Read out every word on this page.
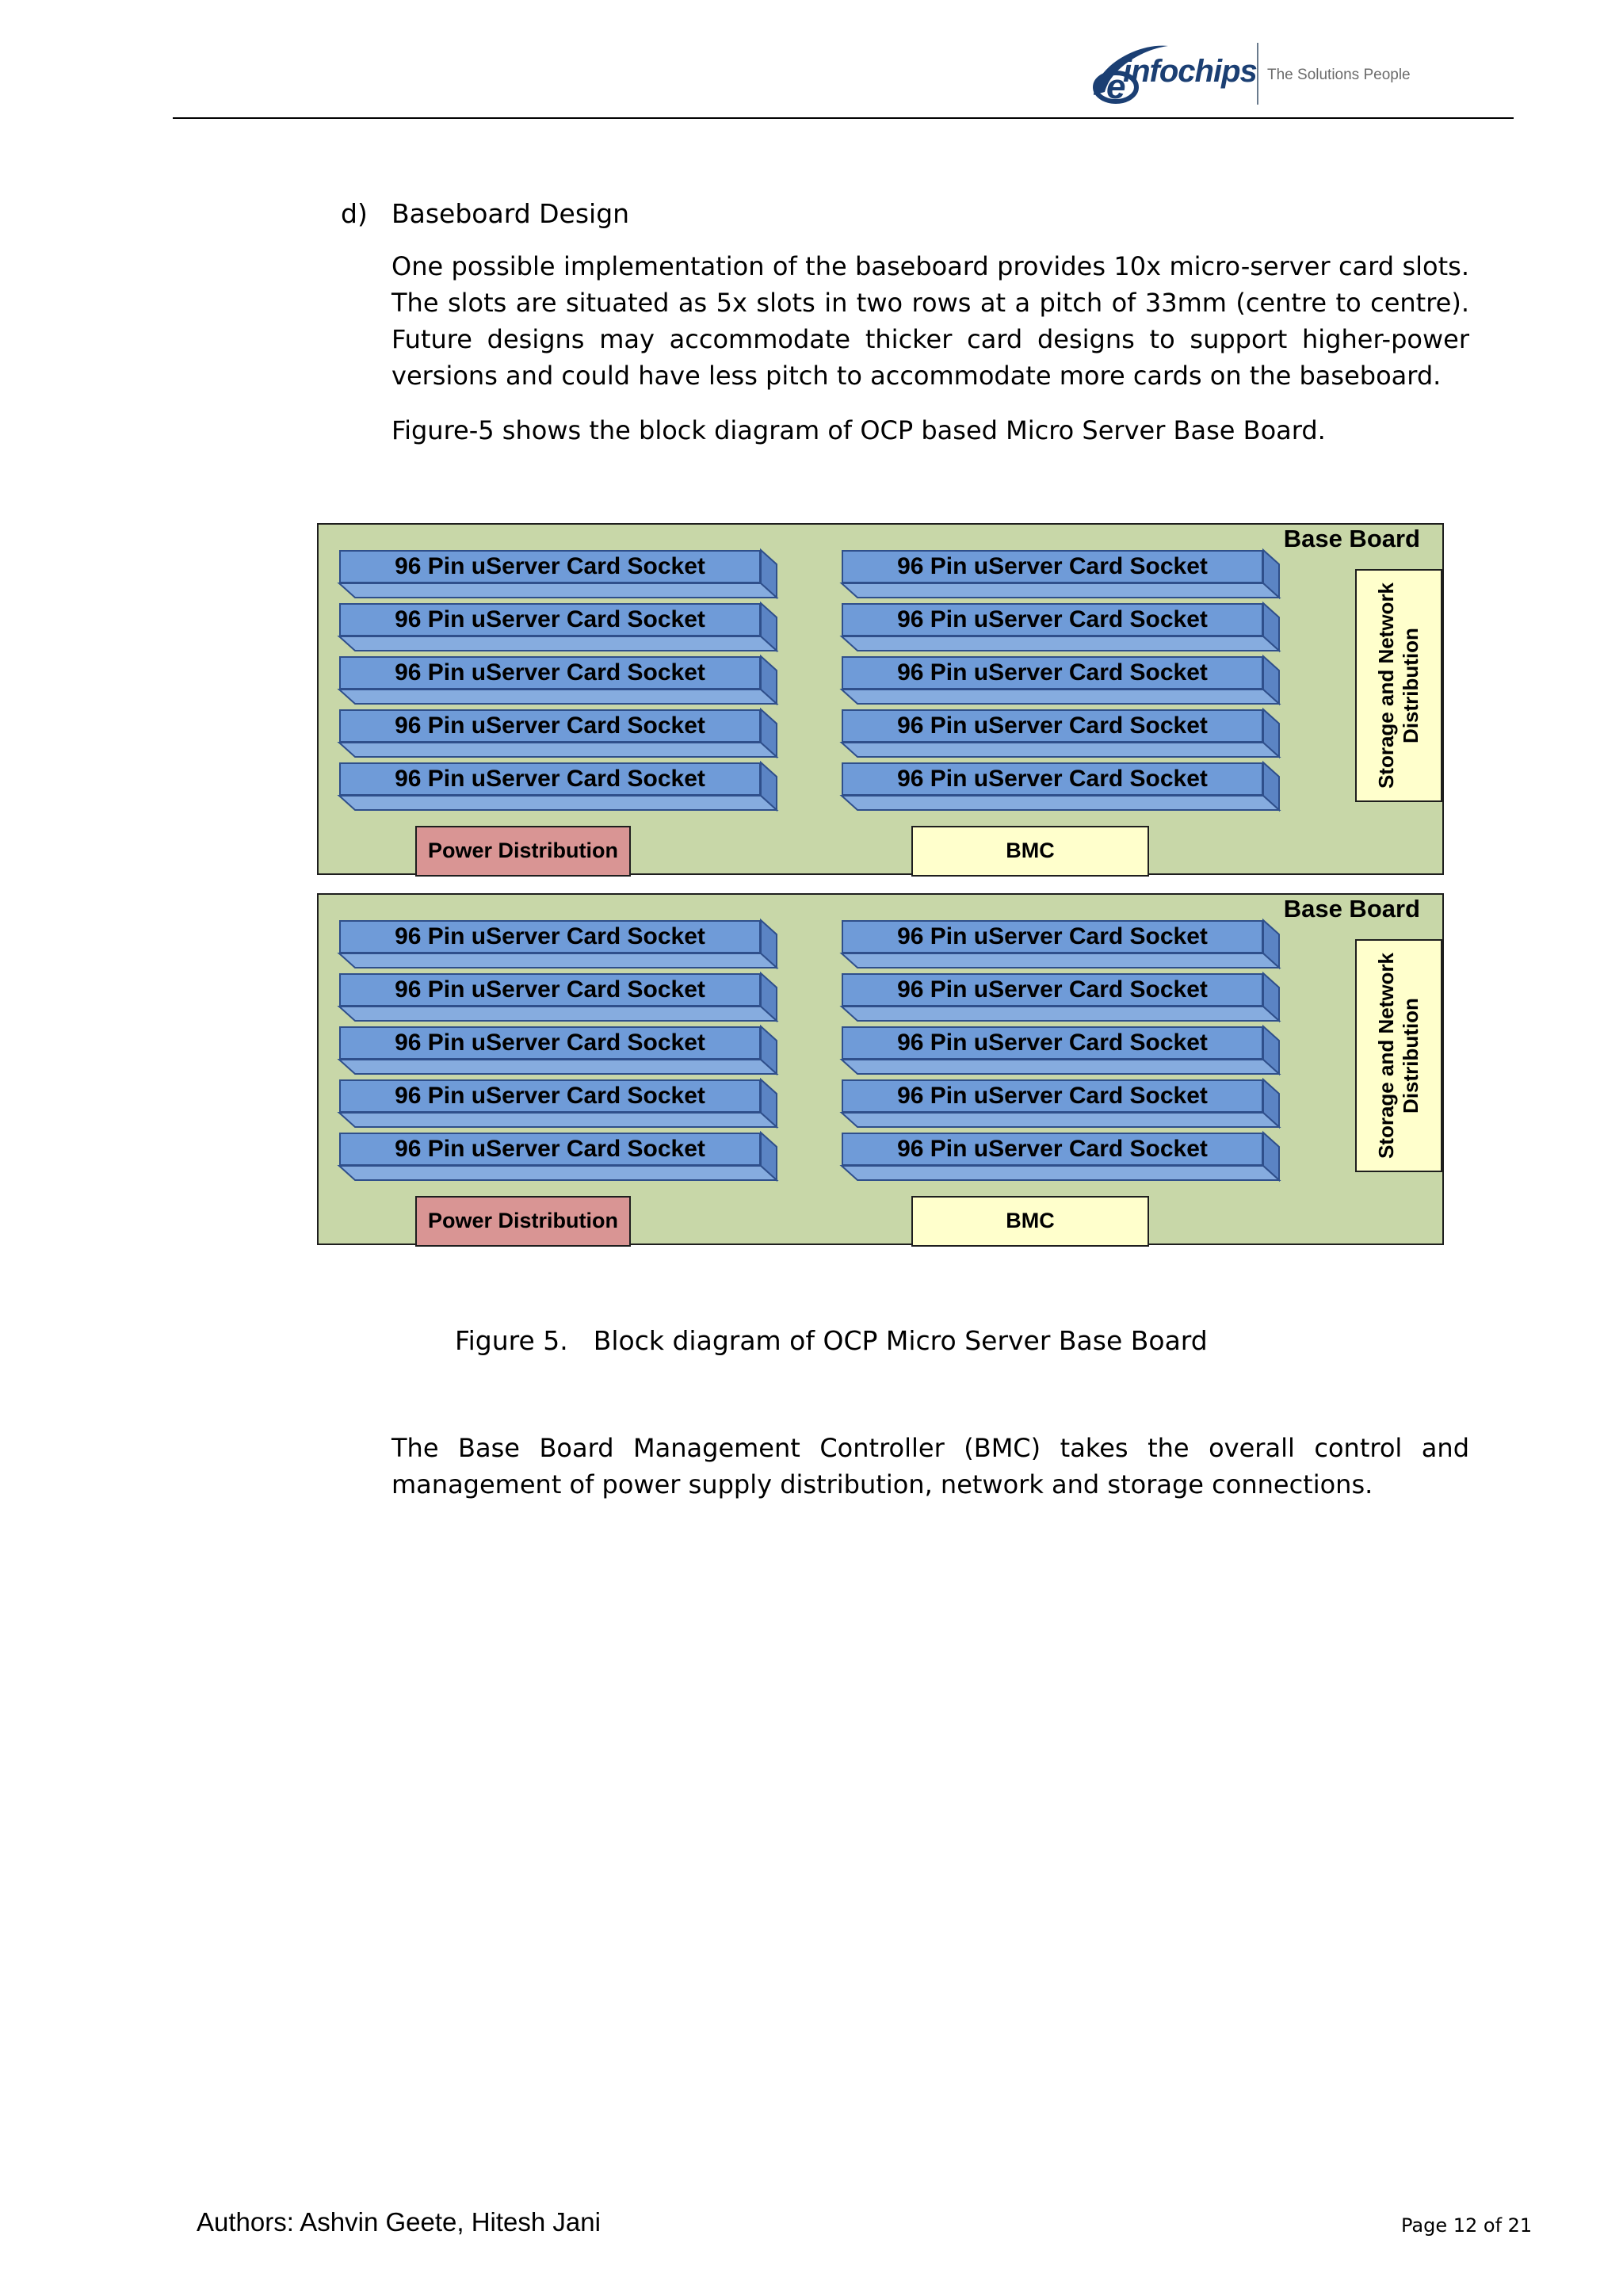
e
infochips The Solutions People
d) Baseboard Design
One possible implementation of the baseboard provides 10x micro-server card slots.
The slots are situated as 5x slots in two rows at a pitch of 33mm (centre to centre).
Future designs may accommodate thicker card designs to support higher-power
versions and could have less pitch to accommodate more cards on the baseboard.
Figure-5 shows the block diagram of OCP based Micro Server Base Board.
Base Board
96 Pin uServer Card Socket
96 Pin uServer Card Socket
96 Pin uServer Card Socket
96 Pin uServer Card Socket
96 Pin uServer Card Socket
96 Pin uServer Card Socket
96 Pin uServer Card Socket
96 Pin uServer Card Socket
96 Pin uServer Card Socket
96 Pin uServer Card Socket	Storage and Network Distribution
Power Distribution	BMC
Base Board
96 Pin uServer Card Socket
96 Pin uServer Card Socket
96 Pin uServer Card Socket
96 Pin uServer Card Socket
96 Pin uServer Card Socket
96 Pin uServer Card Socket
96 Pin uServer Card Socket
96 Pin uServer Card Socket
96 Pin uServer Card Socket
96 Pin uServer Card Socket	Storage and Network Distribution
Power Distribution	BMC
Figure 5. Block diagram of OCP Micro Server Base Board
The Base Board Management Controller (BMC) takes the overall control and
management of power supply distribution, network and storage connections.
Authors: Ashvin Geete, Hitesh Jani	Page 12 of 21
